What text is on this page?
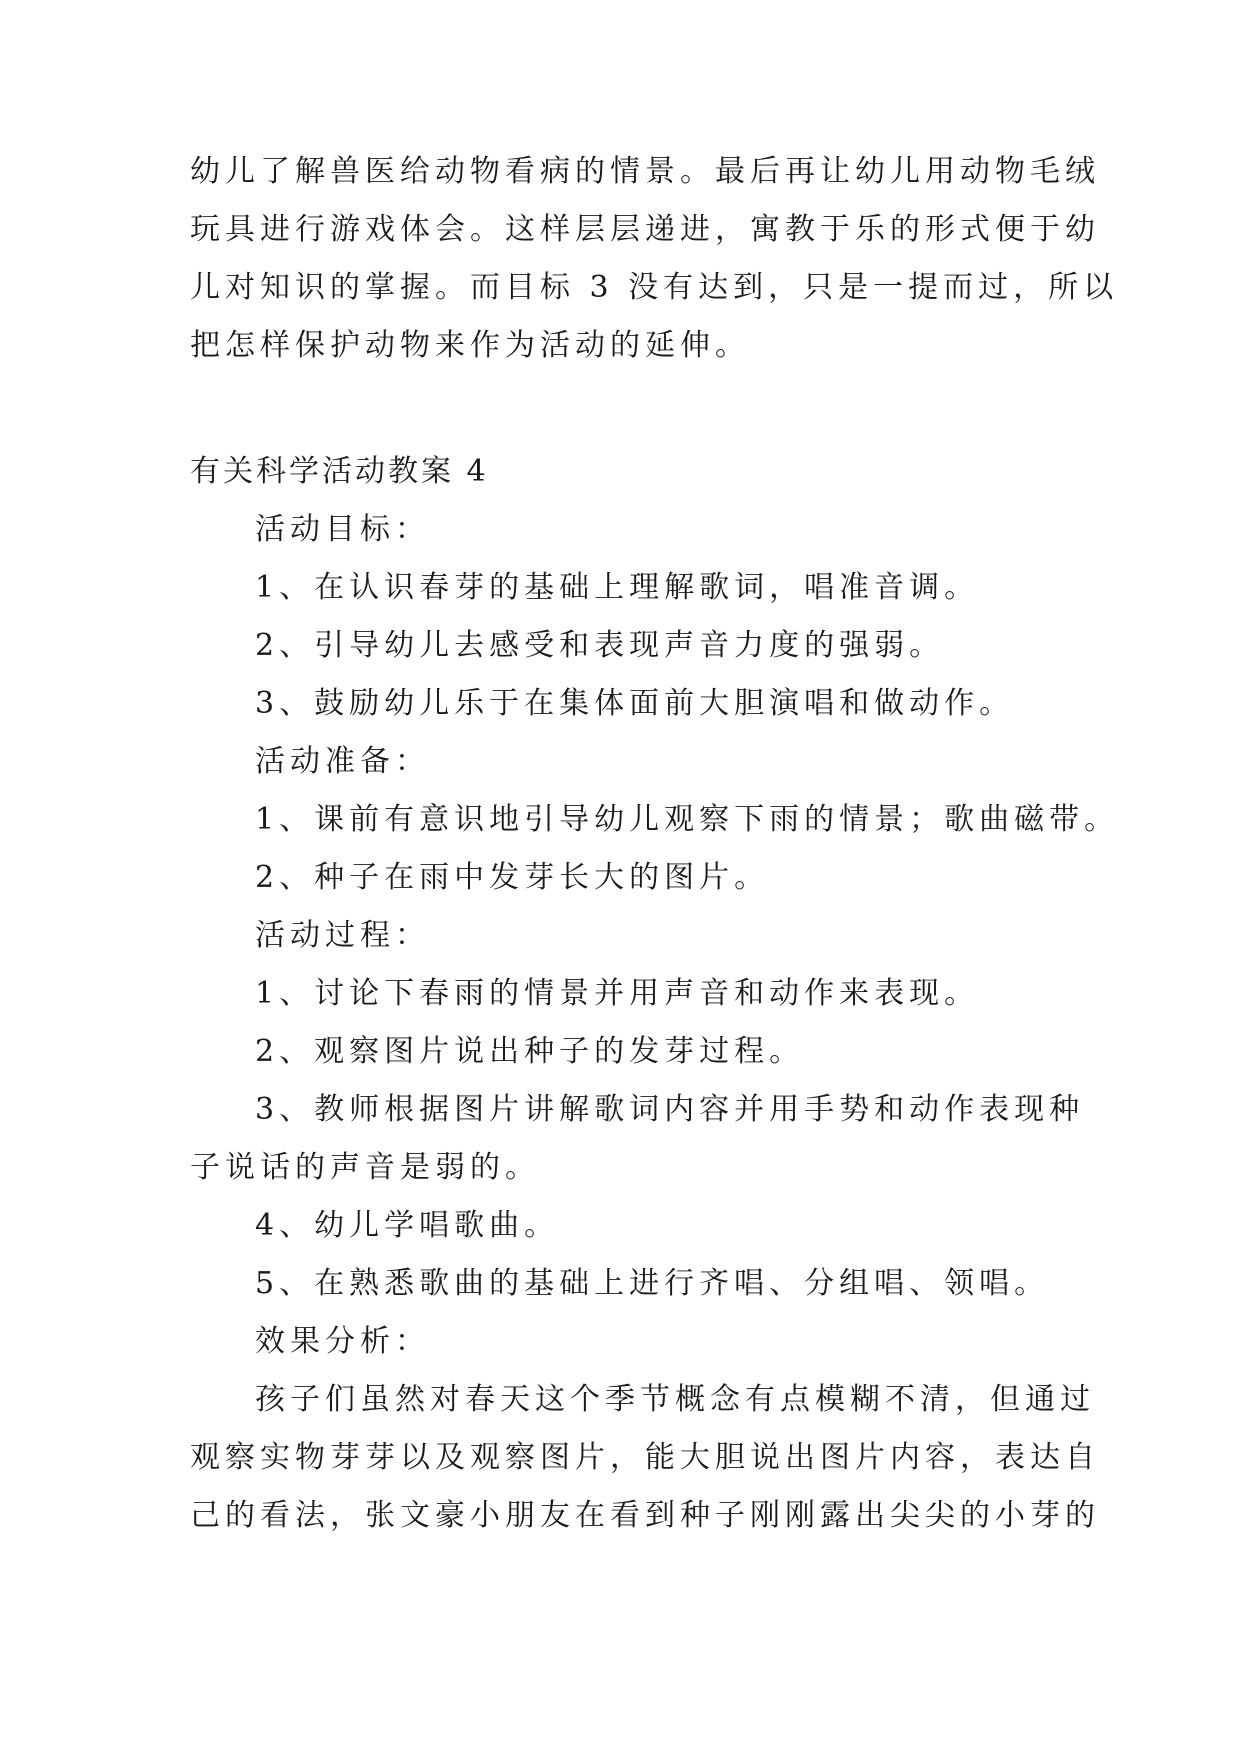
幼儿了解兽医给动物看病的情景。最后再让幼儿用动物毛绒
玩具进行游戏体会。这样层层递进，寓教于乐的形式便于幼
儿对知识的掌握。而目标 3 没有达到，只是一提而过，所以
把怎样保护动物来作为活动的延伸。
有关科学活动教案 4
活动目标：
1、在认识春芽的基础上理解歌词，唱准音调。
2、引导幼儿去感受和表现声音力度的强弱。
3、鼓励幼儿乐于在集体面前大胆演唱和做动作。
活动准备：
1、课前有意识地引导幼儿观察下雨的情景；歌曲磁带。
2、种子在雨中发芽长大的图片。
活动过程：
1、讨论下春雨的情景并用声音和动作来表现。
2、观察图片说出种子的发芽过程。
3、教师根据图片讲解歌词内容并用手势和动作表现种
子说话的声音是弱的。
4、幼儿学唱歌曲。
5、在熟悉歌曲的基础上进行齐唱、分组唱、领唱。
效果分析：
孩子们虽然对春天这个季节概念有点模糊不清，但通过
观察实物芽芽以及观察图片，能大胆说出图片内容，表达自
己的看法，张文豪小朋友在看到种子刚刚露出尖尖的小芽的
